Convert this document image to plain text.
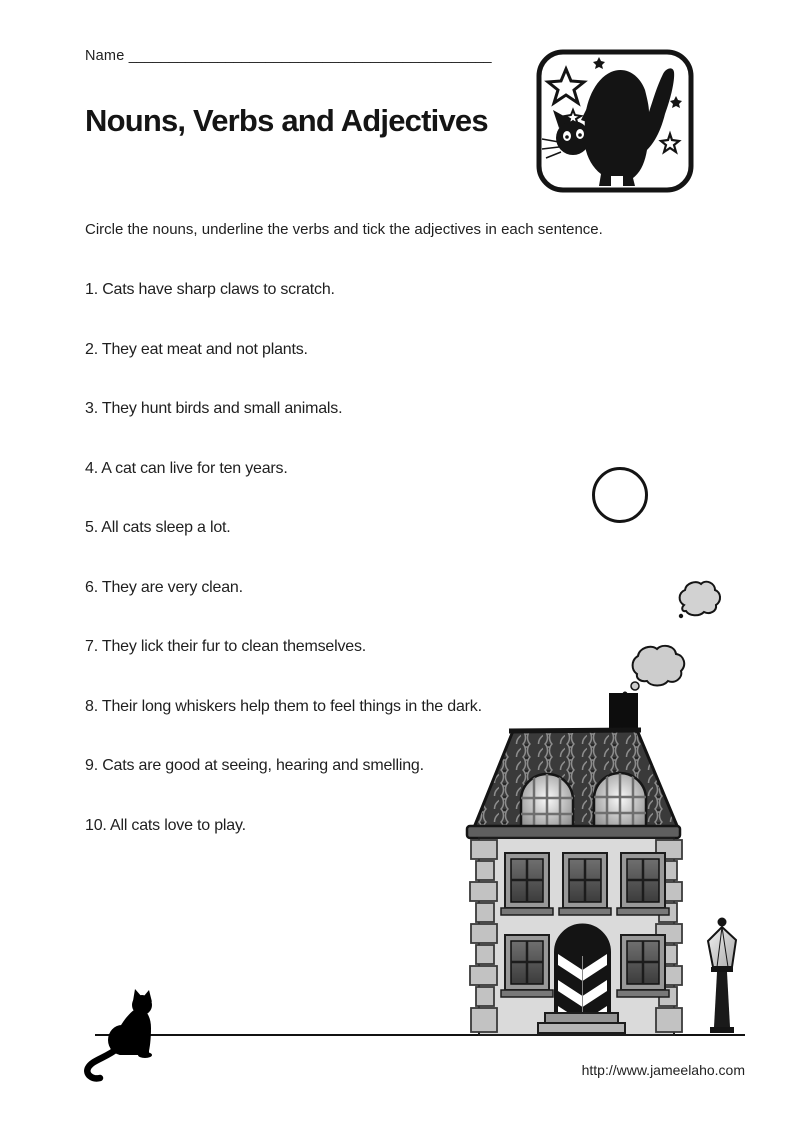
Name _____________________________________________
Nouns, Verbs and Adjectives
Circle the nouns, underline the verbs and tick the adjectives in each sentence.

1. Cats have sharp claws to scratch.

2. They eat meat and not plants.

3. They hunt birds and small animals.

4. A cat can live for ten years.

5. All cats sleep a lot.

6. They are very clean.

7. They lick their fur to clean themselves.

8. Their long whiskers help them to feel things in the dark.

9. Cats are good at seeing, hearing and smelling.

10. All cats love to play.

http://www.jameelaho.com
